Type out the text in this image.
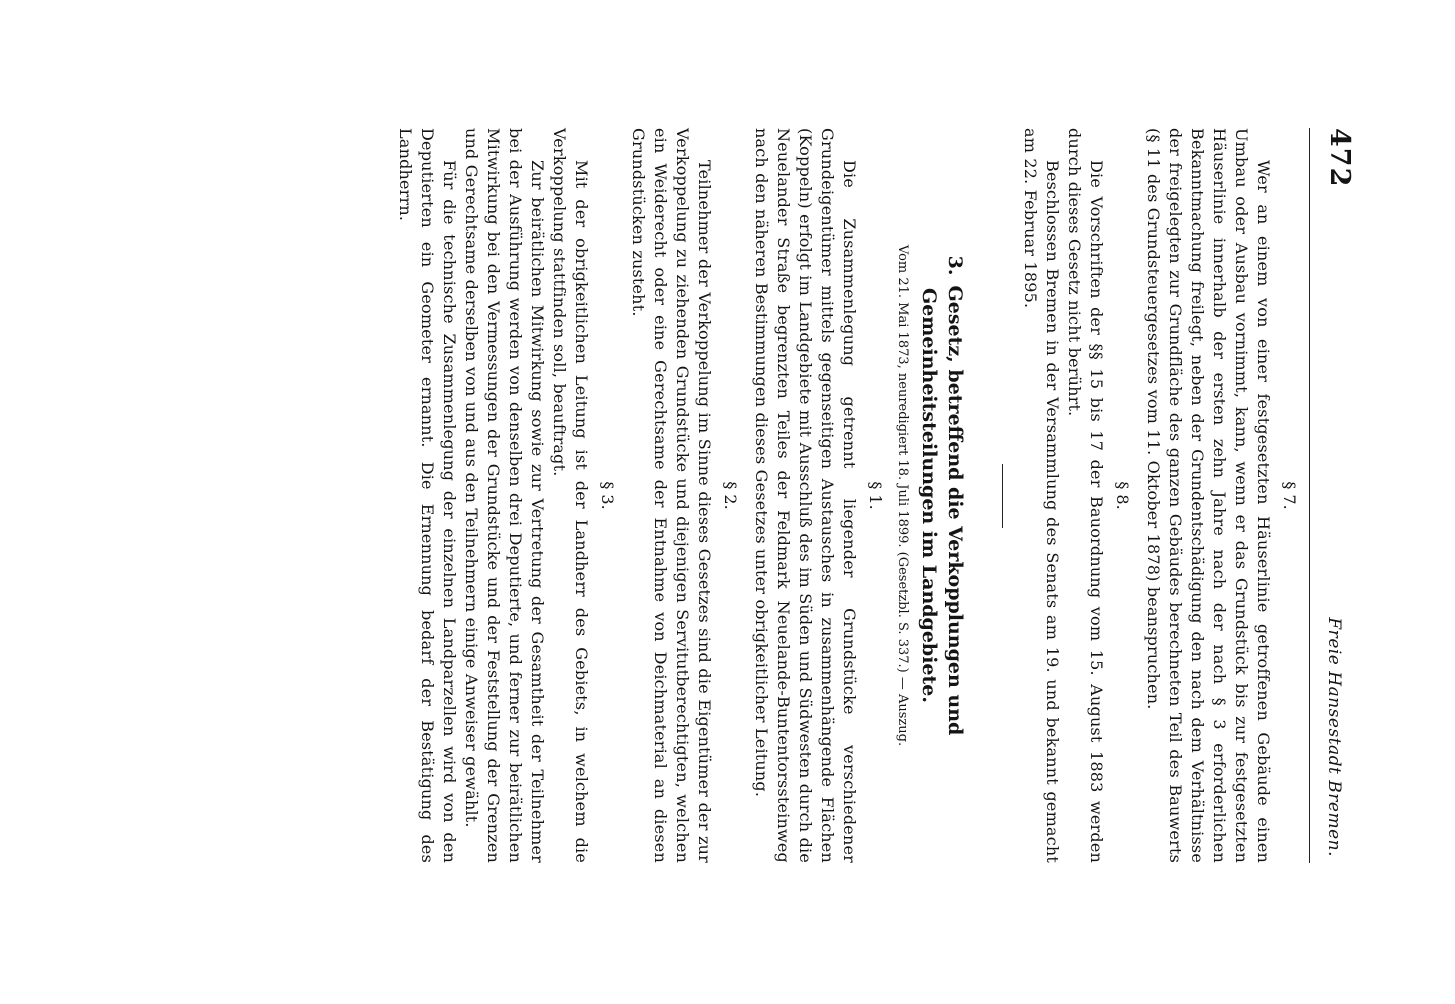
472
Freie Hansestadt Bremen.
§ 7.

Wer an einem von einer festgesetzten Häuserlinie getroffenen Gebäude einen Umbau oder Ausbau vornimmt, kann, wenn er das Grundstück bis zur festgesetzten Häuserlinie innerhalb der ersten zehn Jahre nach der nach § 3 erforderlichen Bekanntmachung freilegt, neben der Grundentschädigung den nach dem Verhältnisse der freigelegten zur Grundfläche des ganzen Gebäudes berechneten Teil des Bauwerts (§ 11 des Grundsteuergesetzes vom 11. Oktober 1878) beanspruchen.

§ 8.

Die Vorschriften der §§ 15 bis 17 der Bauordnung vom 15. August 1883 werden durch dieses Gesetz nicht berührt.

Beschlossen Bremen in der Versammlung des Senats am 19. und bekannt gemacht am 22. Februar 1895.

3.Gesetz, betreffend die Verkopplungen und Gemeinheitsteilungen im Landgebiete.
Vom 21. Mai 1873, neuredigiert 18. Juli 1899. (Gesetzbl. S. 337.) — Auszug.
§ 1.

Die Zusammenlegung getrennt liegender Grundstücke verschiedener Grundeigentümer mittels gegenseitigen Austausches in zusammenhängende Flächen (Koppeln) erfolgt im Landgebiete mit Ausschluß des im Süden und Südwesten durch die Neuelander Straße begrenzten Teiles der Feldmark Neuelande-Buntentorssteinweg nach den näheren Bestimmungen dieses Gesetzes unter obrigkeitlicher Leitung.

§ 2.

Teilnehmer der Verkoppelung im Sinne dieses Gesetzes sind die Eigentümer der zur Verkoppelung zu ziehenden Grundstücke und diejenigen Servitutberechtigten, welchen ein Weiderecht oder eine Gerechtsame der Entnahme von Deichmaterial an diesen Grundstücken zusteht.

§ 3.

Mit der obrigkeitlichen Leitung ist der Landherr des Gebiets, in welchem die Verkoppelung stattfinden soll, beauftragt.

Zur beirätlichen Mitwirkung sowie zur Vertretung der Gesamtheit der Teilnehmer bei der Ausführung werden von denselben drei Deputierte, und ferner zur beirätlichen Mitwirkung bei den Vermessungen der Grundstücke und der Feststellung der Grenzen und Gerechtsame derselben von und aus den Teilnehmern einige Anweiser gewählt.

Für die technische Zusammenlegung der einzelnen Landparzellen wird von den Deputierten ein Geometer ernannt. Die Ernennung bedarf der Bestätigung des Landherrn.
